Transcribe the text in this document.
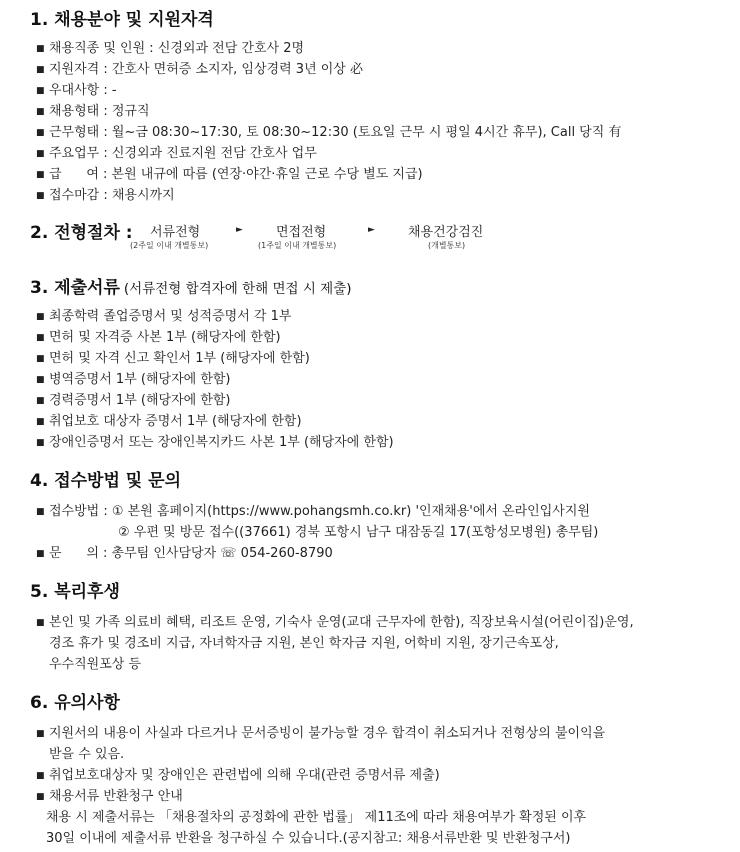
1. 채용분야 및 지원자격
■ 채용직종 및 인원 : 신경외과 전담 간호사 2명
■ 지원자격 : 간호사 면허증 소지자, 임상경력 3년 이상 必
■ 우대사항 : -
■ 채용형태 : 정규직
■ 근무형태 : 월~금 08:30~17:30, 토 08:30~12:30 (토요일 근무 시 평일 4시간 휴무), Call 당직 有
■ 주요업무 : 신경외과 진료지원 전담 간호사 업무
■ 급      여 : 본원 내규에 따름 (연장·야간·휴일 근로 수당 별도 지급)
■ 접수마감 : 채용시까지
2. 전형절차 : 서류전형
(2주일 이내 개별통보)
►	면접전형
(1주일 이내 개별통보)
►	채용건강검진
(개별통보)
3. 제출서류 (서류전형 합격자에 한해 면접 시 제출)
■ 최종학력 졸업증명서 및 성적증명서 각 1부
■ 면허 및 자격증 사본 1부 (해당자에 한함)
■ 면허 및 자격 신고 확인서 1부 (해당자에 한함)
■ 병역증명서 1부 (해당자에 한함)
■ 경력증명서 1부 (해당자에 한함)
■ 취업보호 대상자 증명서 1부 (해당자에 한함)
■ 장애인증명서 또는 장애인복지카드 사본 1부 (해당자에 한함)
4. 접수방법 및 문의
■ 접수방법 : ① 본원 홈페이지(https://www.pohangsmh.co.kr) '인재채용'에서 온라인입사지원
② 우편 및 방문 접수((37661) 경북 포항시 남구 대잠동길 17(포항성모병원) 총무팀)
■ 문      의 : 총무팀 인사담당자 ☏ 054-260-8790
5. 복리후생
■ 본인 및 가족 의료비 혜택, 리조트 운영, 기숙사 운영(교대 근무자에 한함), 직장보육시설(어린이집)운영,
경조 휴가 및 경조비 지급, 자녀학자금 지원, 본인 학자금 지원, 어학비 지원, 장기근속포상,
우수직원포상 등
6. 유의사항
■ 지원서의 내용이 사실과 다르거나 문서증빙이 불가능할 경우 합격이 취소되거나 전형상의 불이익을
받을 수 있음.
■ 취업보호대상자 및 장애인은 관련법에 의해 우대(관련 증명서류 제출)
■ 채용서류 반환청구 안내
채용 시 제출서류는 「채용절차의 공정화에 관한 법률」 제11조에 따라 채용여부가 확정된 이후
30일 이내에 제출서류 반환을 청구하실 수 있습니다.(공지참고: 채용서류반환 및 반환청구서)
